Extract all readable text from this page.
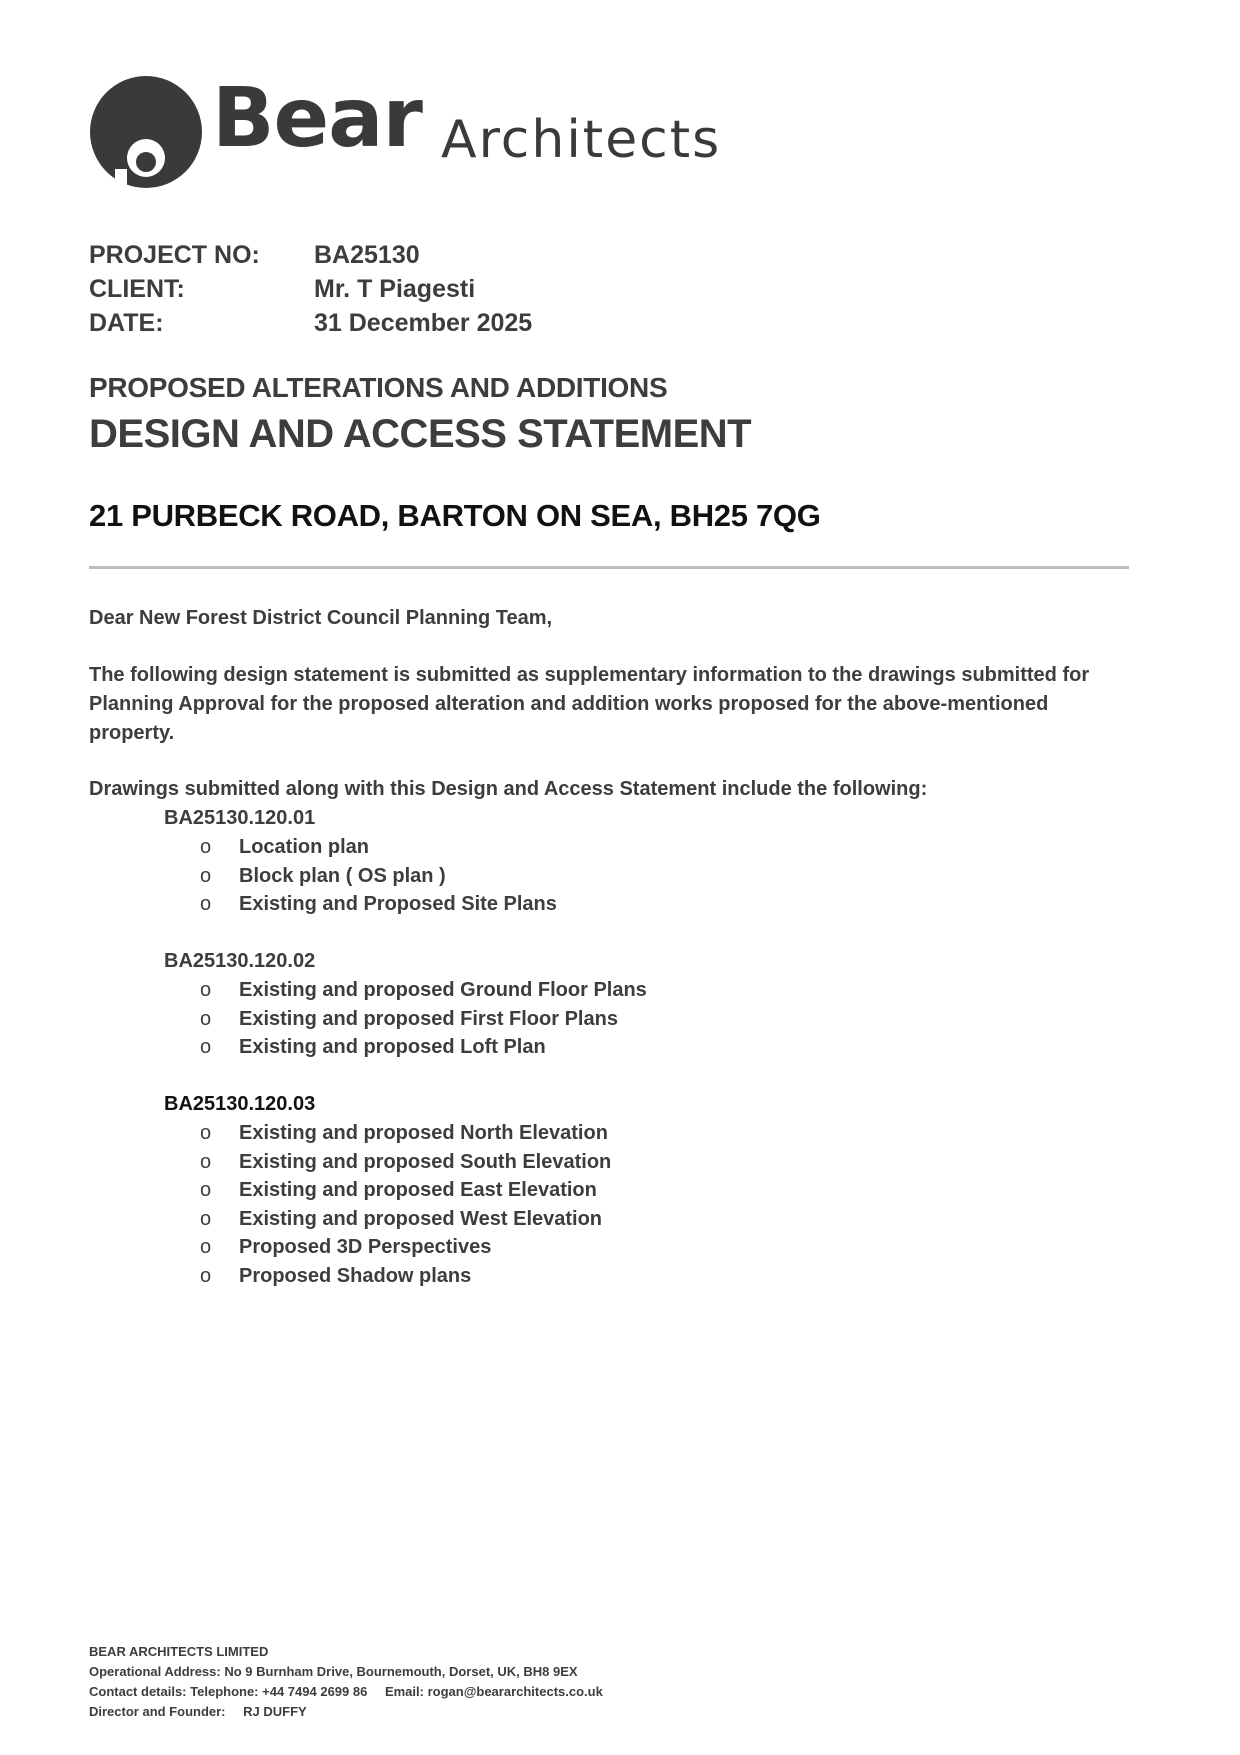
Bear Architects
PROJECT NO:	BA25130
CLIENT:	Mr. T Piagesti
DATE:	31 December 2025
PROPOSED ALTERATIONS AND ADDITIONS
DESIGN AND ACCESS STATEMENT
21 PURBECK ROAD, BARTON ON SEA, BH25 7QG
Dear New Forest District Council Planning Team,
The following design statement is submitted as supplementary information to the drawings submitted for Planning Approval for the proposed alteration and addition works proposed for the above-mentioned property.
Drawings submitted along with this Design and Access Statement include the following:
BA25130.120.01
o Location plan
o Block plan ( OS plan )
o Existing and Proposed Site Plans
BA25130.120.02
o Existing and proposed Ground Floor Plans
o Existing and proposed First Floor Plans
o Existing and proposed Loft Plan
BA25130.120.03
o Existing and proposed North Elevation
o Existing and proposed South Elevation
o Existing and proposed East Elevation
o Existing and proposed West Elevation
o Proposed 3D Perspectives
o Proposed Shadow plans
BEAR ARCHITECTS LIMITED
Operational Address: No 9 Burnham Drive, Bournemouth, Dorset, UK, BH8 9EX
Contact details: Telephone: +44 7494 2699 86 Email: rogan@beararchitects.co.uk
Director and Founder: RJ DUFFY
